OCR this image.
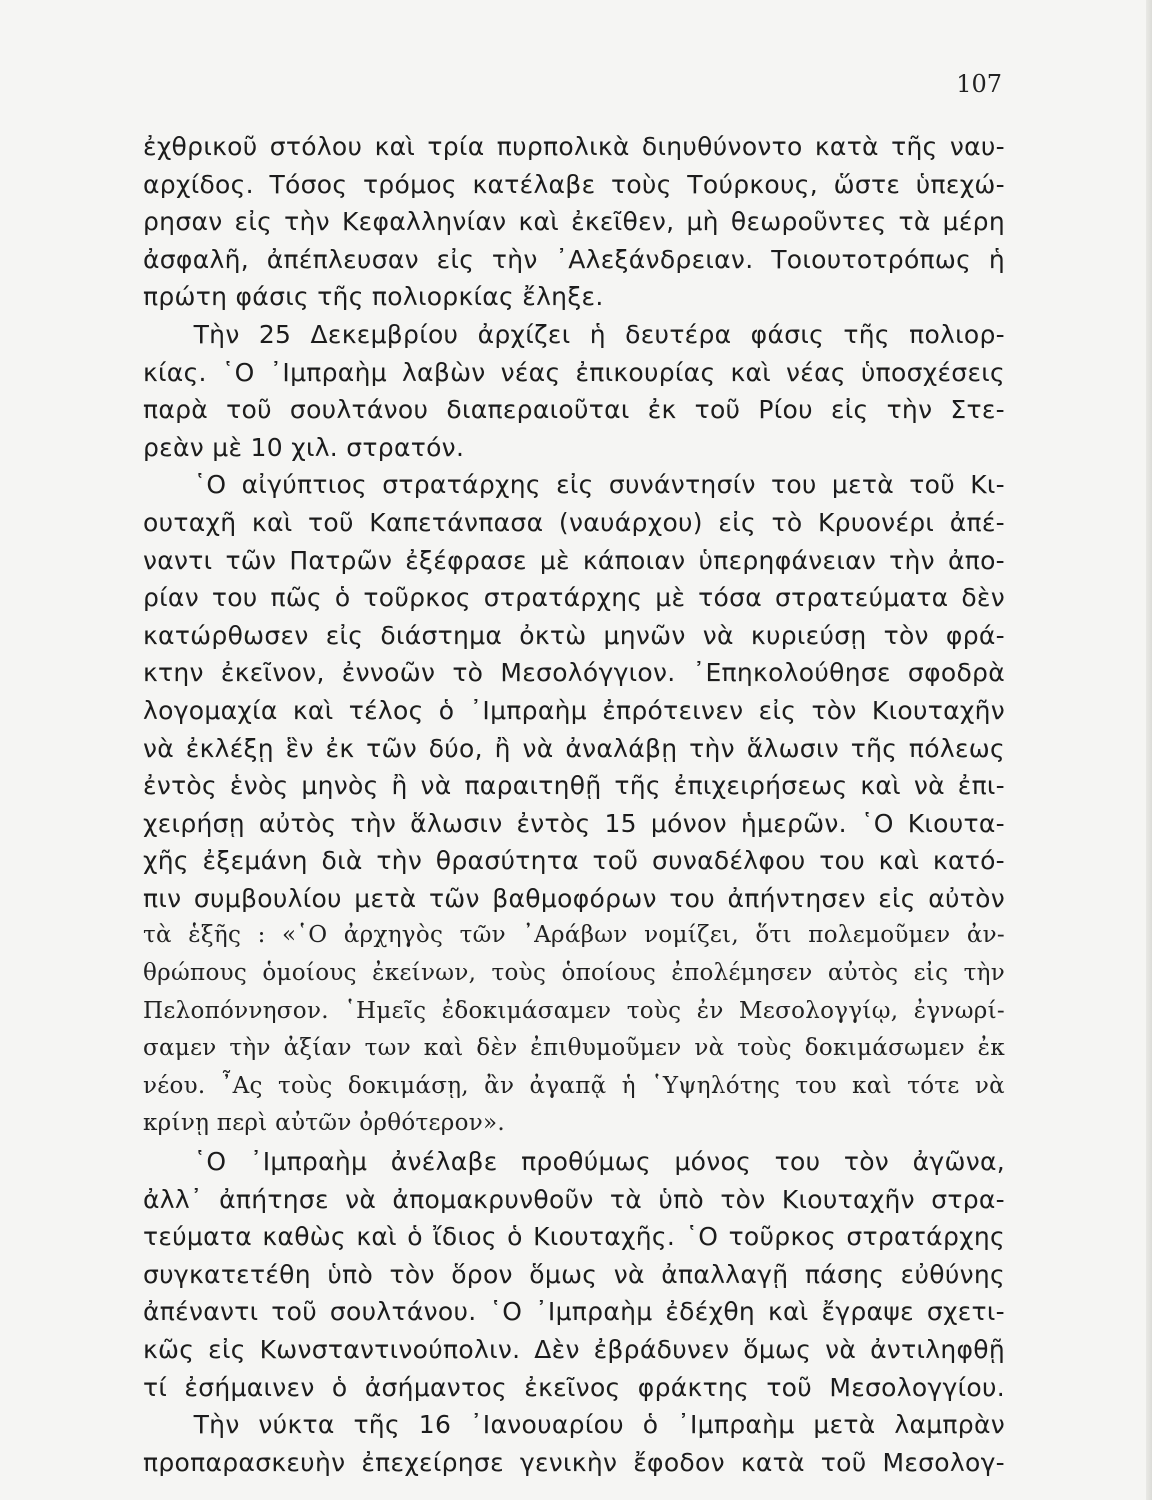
107
ἐχθρικοῦ στόλου καὶ τρία πυρπολικὰ διηυθύνοντο κατὰ τῆς ναυ-
αρχίδος. Τόσος τρόμος κατέλαβε τοὺς Τούρκους, ὥστε ὑπεχώ-
ρησαν εἰς τὴν Κεφαλληνίαν καὶ ἐκεῖθεν, μὴ θεωροῦντες τὰ μέρη
ἀσφαλῆ, ἀπέπλευσαν εἰς τὴν ᾿Αλεξάνδρειαν. Τοιουτοτρόπως ἡ
πρώτη φάσις τῆς πολιορκίας ἔληξε.
  Τὴν 25 Δεκεμβρίου ἀρχίζει ἡ δευτέρα φάσις τῆς πολιορ-
κίας. ῾Ο ᾿Ιμπραὴμ λαβὼν νέας ἐπικουρίας καὶ νέας ὑποσχέσεις
παρὰ τοῦ σουλτάνου διαπεραιοῦται ἐκ τοῦ Ρίου εἰς τὴν Στε-
ρεὰν μὲ 10 χιλ. στρατόν.
  ῾Ο αἰγύπτιος στρατάρχης εἰς συνάντησίν του μετὰ τοῦ Κι-
ουταχῆ καὶ τοῦ Καπετάνπασα (ναυάρχου) εἰς τὸ Κρυονέρι ἀπέ-
ναντι τῶν Πατρῶν ἐξέφρασε μὲ κάποιαν ὑπερηφάνειαν τὴν ἀπο-
ρίαν του πῶς ὁ τοῦρκος στρατάρχης μὲ τόσα στρατεύματα δὲν
κατώρθωσεν εἰς διάστημα ὀκτὼ μηνῶν νὰ κυριεύσῃ τὸν φρά-
κτην ἐκεῖνον, ἐννοῶν τὸ Μεσολόγγιον. ᾿Επηκολούθησε σφοδρὰ
λογομαχία καὶ τέλος ὁ ᾿Ιμπραὴμ ἐπρότεινεν εἰς τὸν Κιουταχῆν
νὰ ἐκλέξῃ ἓν ἐκ τῶν δύο, ἢ νὰ ἀναλάβῃ τὴν ἅλωσιν τῆς πόλεως
ἐντὸς ἑνὸς μηνὸς ἢ νὰ παραιτηθῇ τῆς ἐπιχειρήσεως καὶ νὰ ἐπι-
χειρήσῃ αὐτὸς τὴν ἅλωσιν ἐντὸς 15 μόνον ἡμερῶν. ῾Ο Κιουτα-
χῆς ἐξεμάνη διὰ τὴν θρασύτητα τοῦ συναδέλφου του καὶ κατό-
πιν συμβουλίου μετὰ τῶν βαθμοφόρων του ἀπήντησεν εἰς αὐτὸν
τὰ ἑξῆς : «῾Ο ἀρχηγὸς τῶν ᾿Αράβων νομίζει, ὅτι πολεμοῦμεν ἀν-
θρώπους ὁμοίους ἐκείνων, τοὺς ὁποίους ἐπολέμησεν αὐτὸς εἰς τὴν
Πελοπόννησον. ῾Ημεῖς ἐδοκιμάσαμεν τοὺς ἐν Μεσολογγίῳ, ἐγνωρί-
σαμεν τὴν ἀξίαν των καὶ δὲν ἐπιθυμοῦμεν νὰ τοὺς δοκιμάσωμεν ἐκ
νέου. ῏Ας τοὺς δοκιμάσῃ, ἂν ἀγαπᾷ ἡ ῾Υψηλότης του καὶ τότε νὰ
κρίνῃ περὶ αὐτῶν ὀρθότερον».
  ῾Ο ᾿Ιμπραὴμ ἀνέλαβε προθύμως μόνος του τὸν ἀγῶνα,
ἀλλ᾿ ἀπήτησε νὰ ἀπομακρυνθοῦν τὰ ὑπὸ τὸν Κιουταχῆν στρα-
τεύματα καθὼς καὶ ὁ ἴδιος ὁ Κιουταχῆς. ῾Ο τοῦρκος στρατάρχης
συγκατετέθη ὑπὸ τὸν ὅρον ὅμως νὰ ἀπαλλαγῇ πάσης εὐθύνης
ἀπέναντι τοῦ σουλτάνου. ῾Ο ᾿Ιμπραὴμ ἐδέχθη καὶ ἔγραψε σχετι-
κῶς εἰς Κωνσταντινούπολιν. Δὲν ἐβράδυνεν ὅμως νὰ ἀντιληφθῇ
τί ἐσήμαινεν ὁ ἀσήμαντος ἐκεῖνος φράκτης τοῦ Μεσολογγίου.
  Τὴν νύκτα τῆς 16 ᾿Ιανουαρίου ὁ ᾿Ιμπραὴμ μετὰ λαμπρὰν
προπαρασκευὴν ἐπεχείρησε γενικὴν ἔφοδον κατὰ τοῦ Μεσολογ-
